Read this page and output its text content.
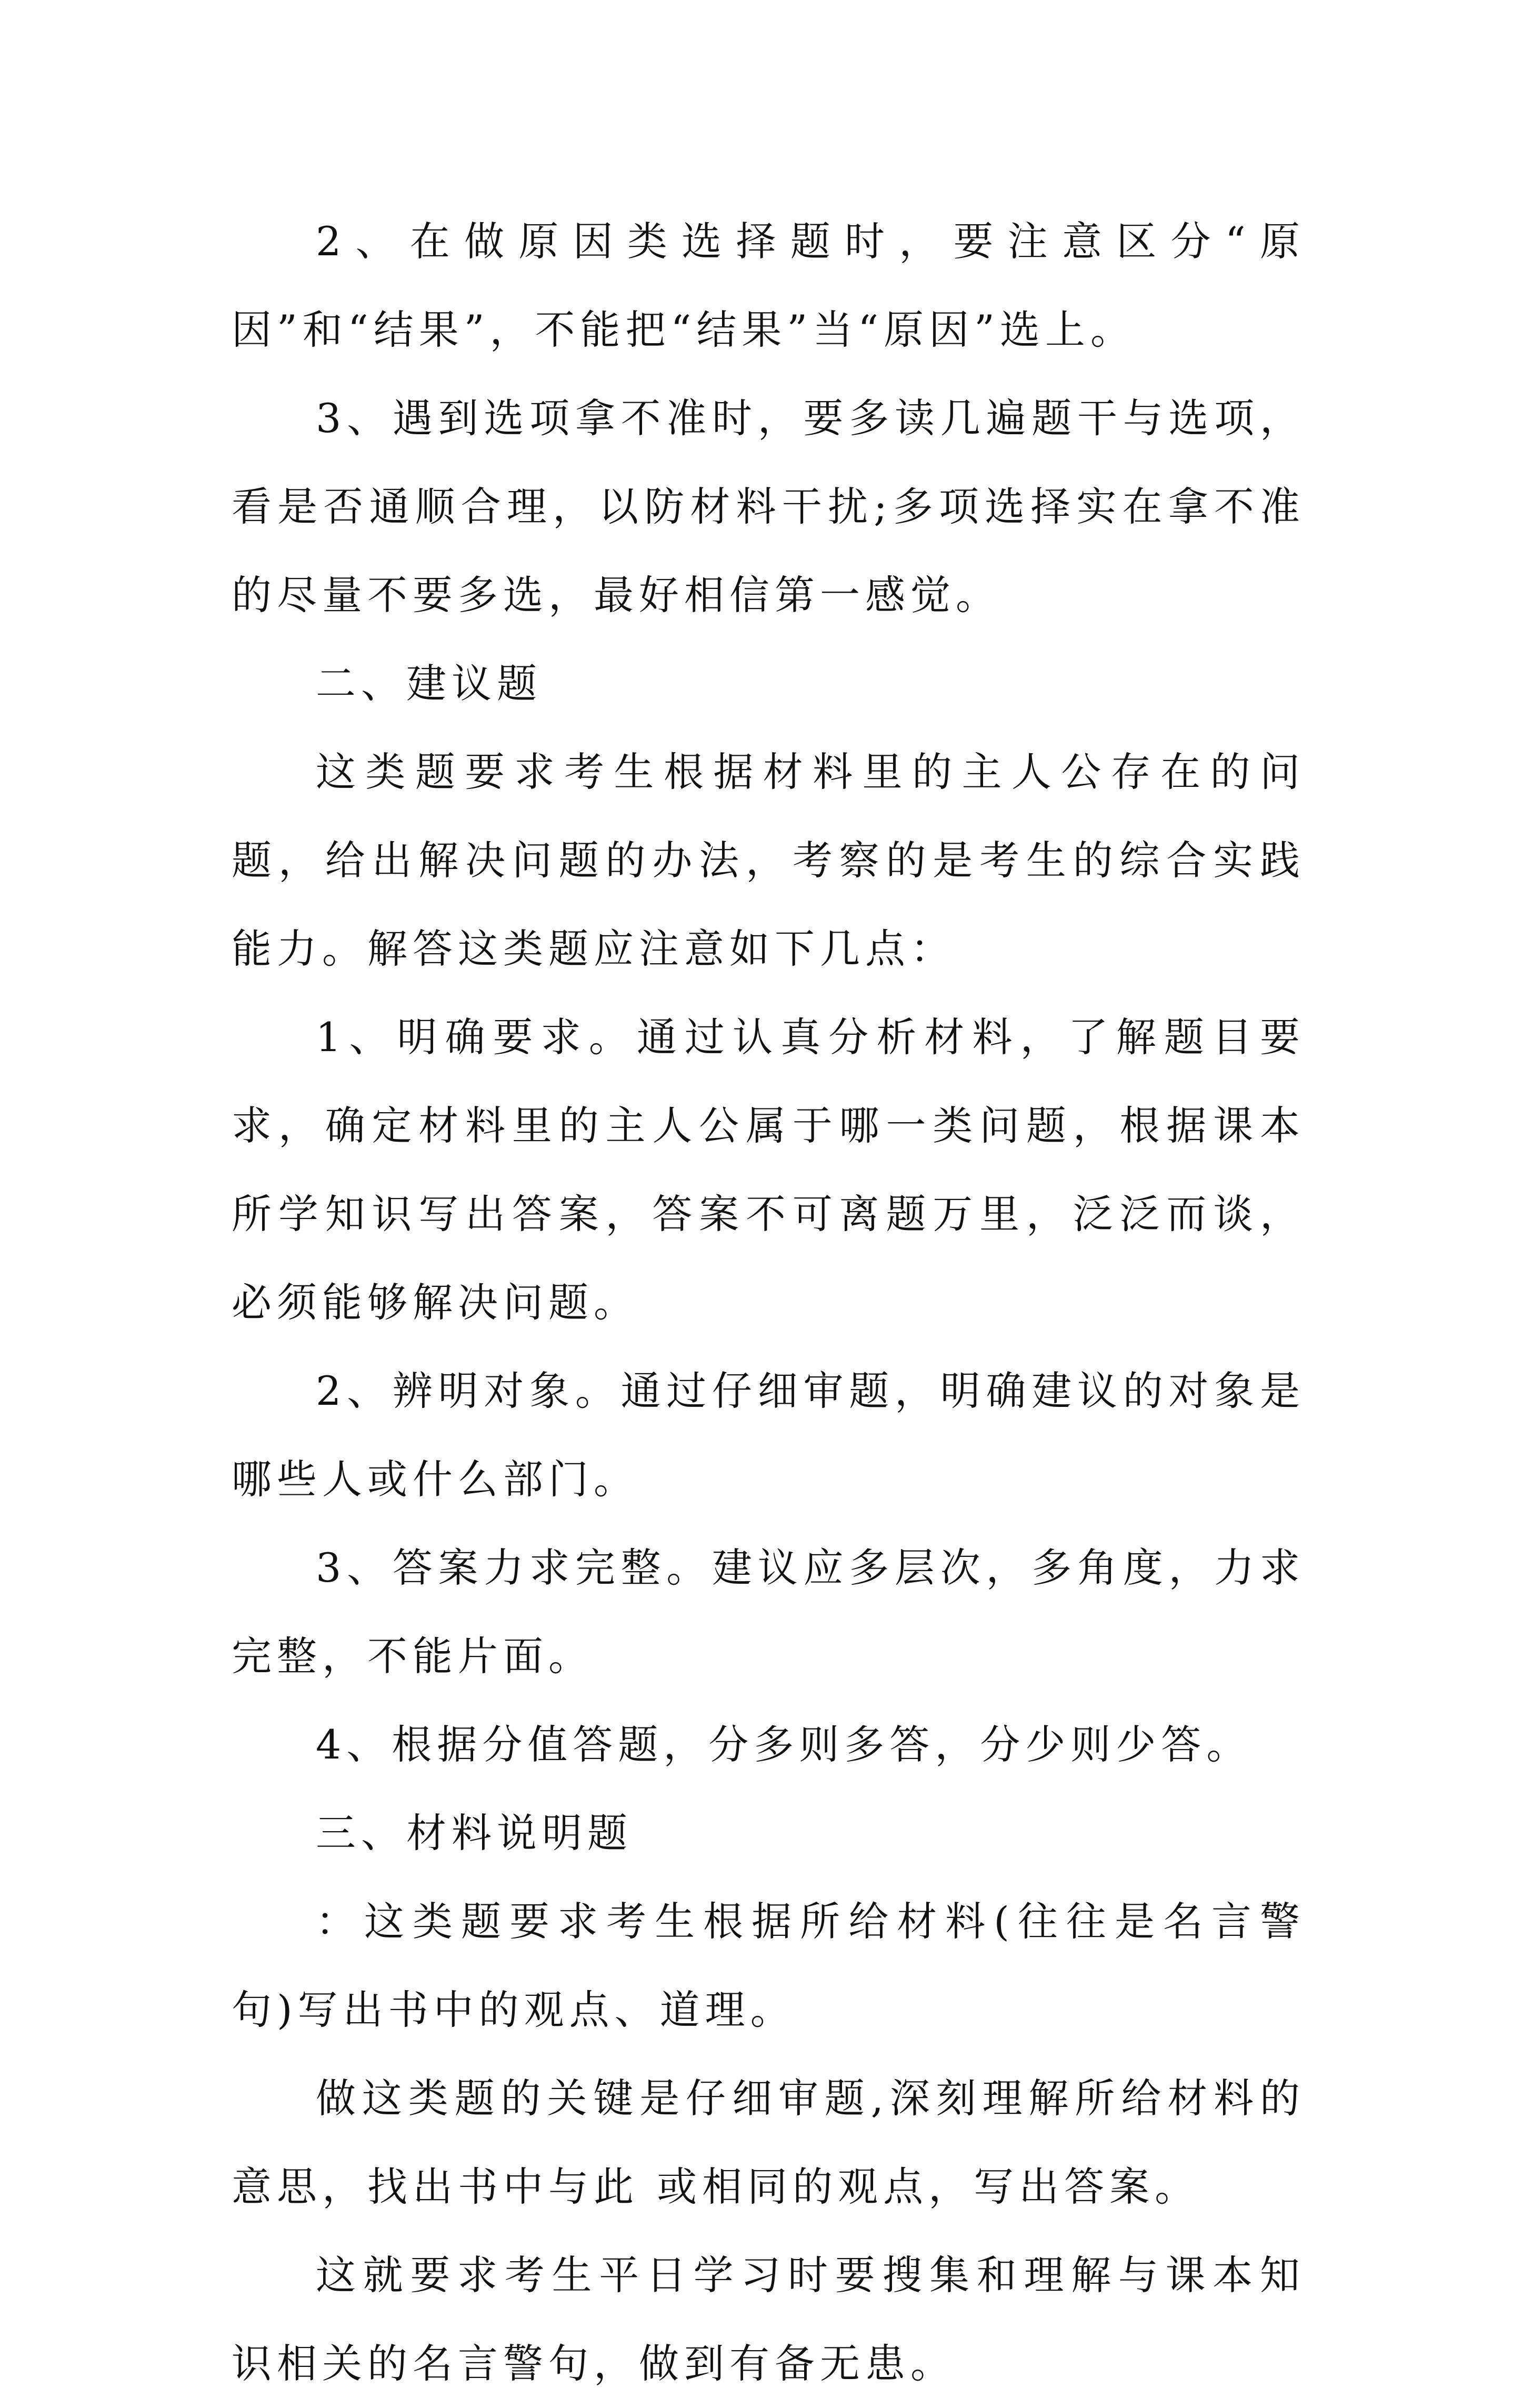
2、在做原因类选择题时，要注意区分“原因”和“结果”，不能把“结果”当“原因”选上。

3、遇到选项拿不准时，要多读几遍题干与选项，看是否通顺合理，以防材料干扰;多项选择实在拿不准的尽量不要多选，最好相信第一感觉。

二、建议题

这类题要求考生根据材料里的主人公存在的问题，给出解决问题的办法，考察的是考生的综合实践能力。解答这类题应注意如下几点：

1、明确要求。通过认真分析材料，了解题目要求，确定材料里的主人公属于哪一类问题，根据课本所学知识写出答案，答案不可离题万里，泛泛而谈，必须能够解决问题。

2、辨明对象。通过仔细审题，明确建议的对象是哪些人或什么部门。

3、答案力求完整。建议应多层次，多角度，力求完整，不能片面。

4、根据分值答题，分多则多答，分少则少答。

三、材料说明题

：这类题要求考生根据所给材料(往往是名言警句)写出书中的观点、道理。

做这类题的关键是仔细审题,深刻理解所给材料的意思，找出书中与此 或相同的观点，写出答案。

这就要求考生平日学习时要搜集和理解与课本知识相关的名言警句，做到有备无患。
